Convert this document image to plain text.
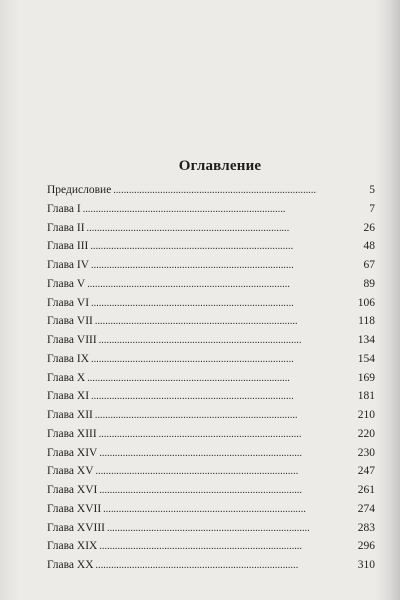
Оглавление
Предисловие . . .	5
Глава I . . .	7
Глава II . . .	26
Глава III . . .	48
Глава IV . . .	67
Глава V . . .	89
Глава VI . . .	106
Глава VII . . .	118
Глава VIII . . .	134
Глава IX . . .	154
Глава X . . .	169
Глава XI . . .	181
Глава XII . . .	210
Глава XIII . . .	220
Глава XIV . . .	230
Глава XV . . .	247
Глава XVI . . .	261
Глава XVII . . .	274
Глава XVIII . . .	283
Глава XIX . . .	296
Глава XX . . .	310
